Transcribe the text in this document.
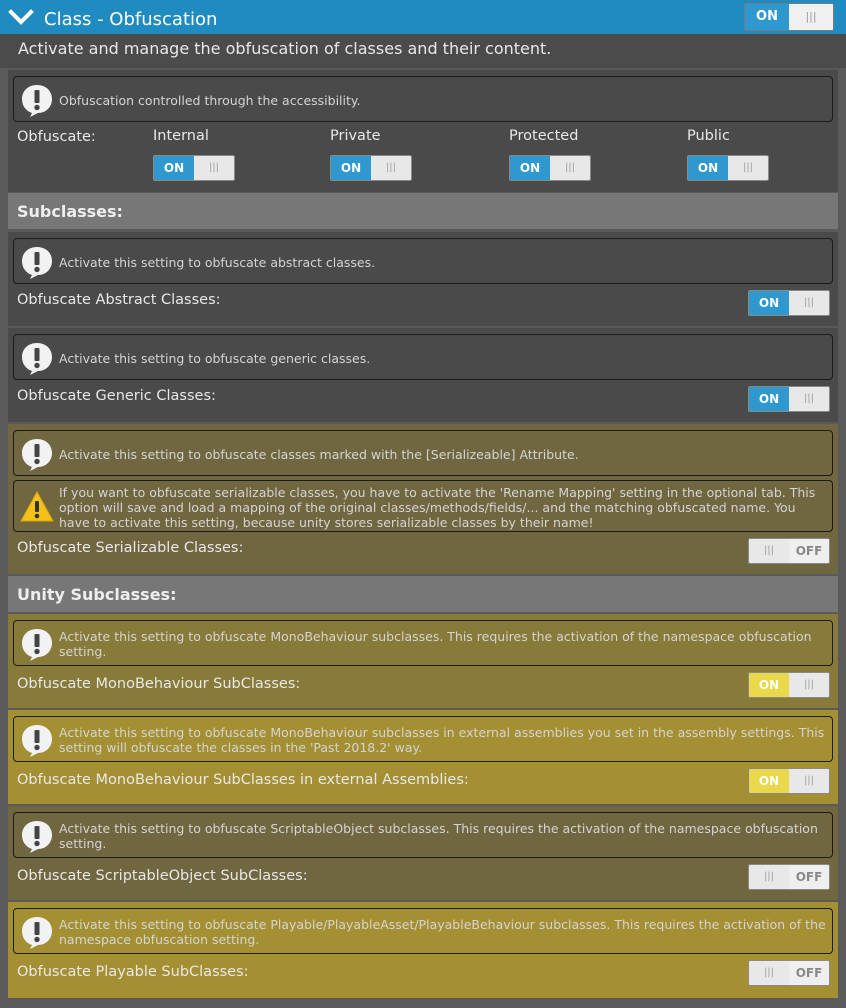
Class - Obfuscation	ON	|||
Activate and manage the obfuscation of classes and their content.
Obfuscation controlled through the accessibility.
Obfuscate:	Internal
ON	|||
Private
ON	|||
Protected
ON	|||
Public
ON	|||
Subclasses:
Activate this setting to obfuscate abstract classes.
Obfuscate Abstract Classes:	ON	|||
Activate this setting to obfuscate generic classes.
Obfuscate Generic Classes:	ON	|||
Activate this setting to obfuscate classes marked with the [Serializeable] Attribute.
If you want to obfuscate serializable classes, you have to activate the 'Rename Mapping' setting in the optional tab. This option will save and load a mapping of the original classes/methods/fields/... and the matching obfuscated name. You have to activate this setting, because unity stores serializable classes by their name!
Obfuscate Serializable Classes:	|||	OFF
Unity Subclasses:
Activate this setting to obfuscate MonoBehaviour subclasses. This requires the activation of the namespace obfuscation setting.
Obfuscate MonoBehaviour SubClasses:	ON	|||
Activate this setting to obfuscate MonoBehaviour subclasses in external assemblies you set in the assembly settings. This setting will obfuscate the classes in the 'Past 2018.2' way.
Obfuscate MonoBehaviour SubClasses in external Assemblies:	ON	|||
Activate this setting to obfuscate ScriptableObject subclasses. This requires the activation of the namespace obfuscation setting.
Obfuscate ScriptableObject SubClasses:	|||	OFF
Activate this setting to obfuscate Playable/PlayableAsset/PlayableBehaviour subclasses. This requires the activation of the namespace obfuscation setting.
Obfuscate Playable SubClasses:	|||	OFF
